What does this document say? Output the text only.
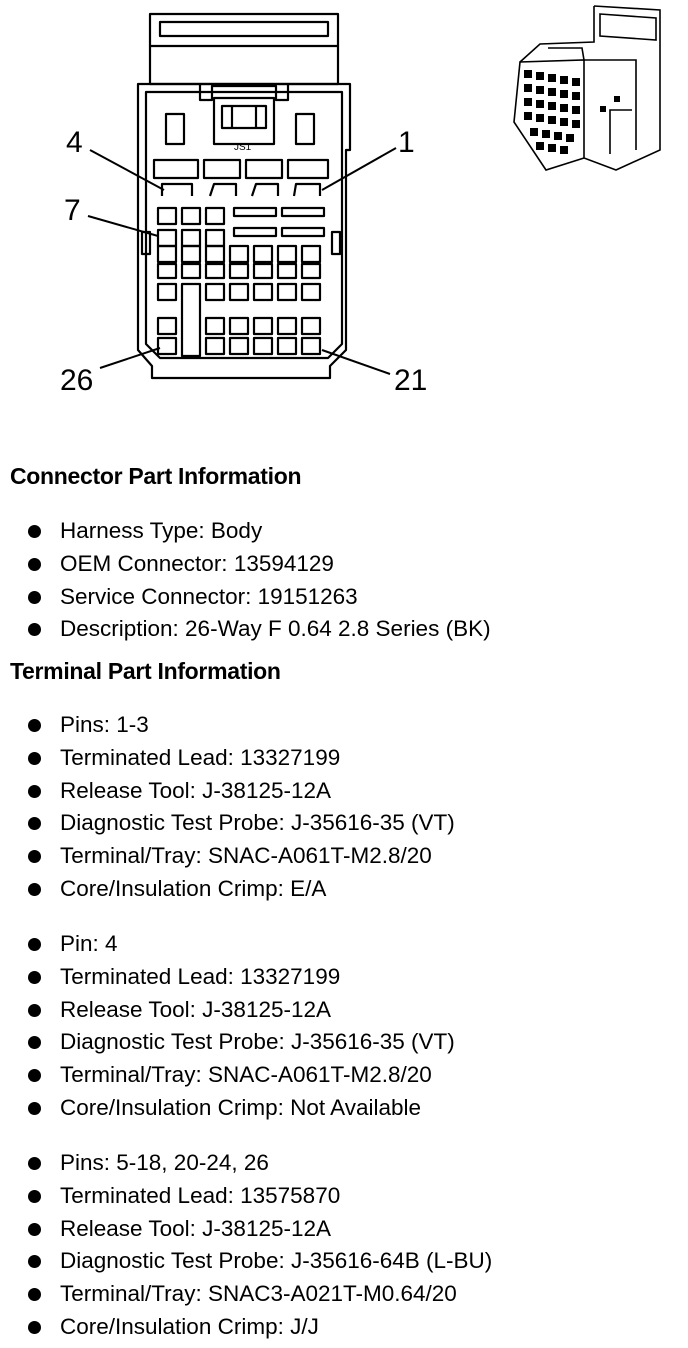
JS1
4	1
7
26	21
Connector Part Information
Harness Type: Body
OEM Connector: 13594129
Service Connector: 19151263
Description: 26-Way F 0.64 2.8 Series (BK)
Terminal Part Information
Pins: 1-3
Terminated Lead: 13327199
Release Tool: J-38125-12A
Diagnostic Test Probe: J-35616-35 (VT)
Terminal/Tray: SNAC-A061T-M2.8/20
Core/Insulation Crimp: E/A
Pin: 4
Terminated Lead: 13327199
Release Tool: J-38125-12A
Diagnostic Test Probe: J-35616-35 (VT)
Terminal/Tray: SNAC-A061T-M2.8/20
Core/Insulation Crimp: Not Available
Pins: 5-18, 20-24, 26
Terminated Lead: 13575870
Release Tool: J-38125-12A
Diagnostic Test Probe: J-35616-64B (L-BU)
Terminal/Tray: SNAC3-A021T-M0.64/20
Core/Insulation Crimp: J/J
